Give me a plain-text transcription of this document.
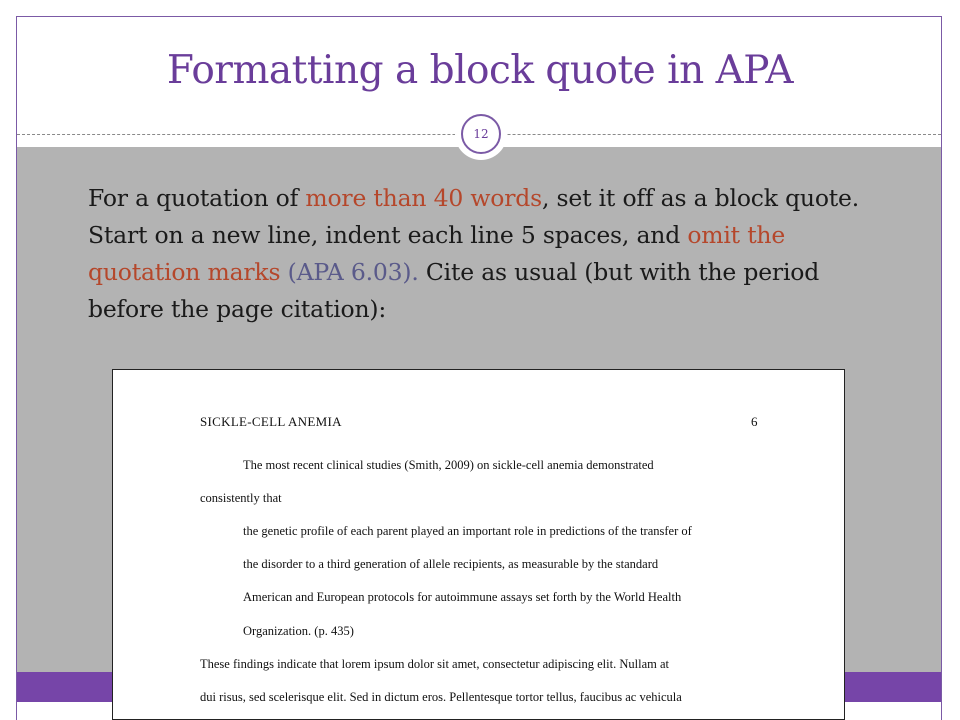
Formatting a block quote in APA
12

For a quotation of more than 40 words, set it off as a block quote. Start on a new line, indent each line 5 spaces, and omit the quotation marks (APA 6.03). Cite as usual (but with the period before the page citation):

SICKLE-CELL ANEMIA	6
The most recent clinical studies (Smith, 2009) on sickle-cell anemia demonstrated
consistently that
the genetic profile of each parent played an important role in predictions of the transfer of
the disorder to a third generation of allele recipients, as measurable by the standard
American and European protocols for autoimmune assays set forth by the World Health
Organization. (p. 435)
These findings indicate that lorem ipsum dolor sit amet, consectetur adipiscing elit. Nullam at
dui risus, sed scelerisque elit. Sed in dictum eros. Pellentesque tortor tellus, faucibus ac vehicula
